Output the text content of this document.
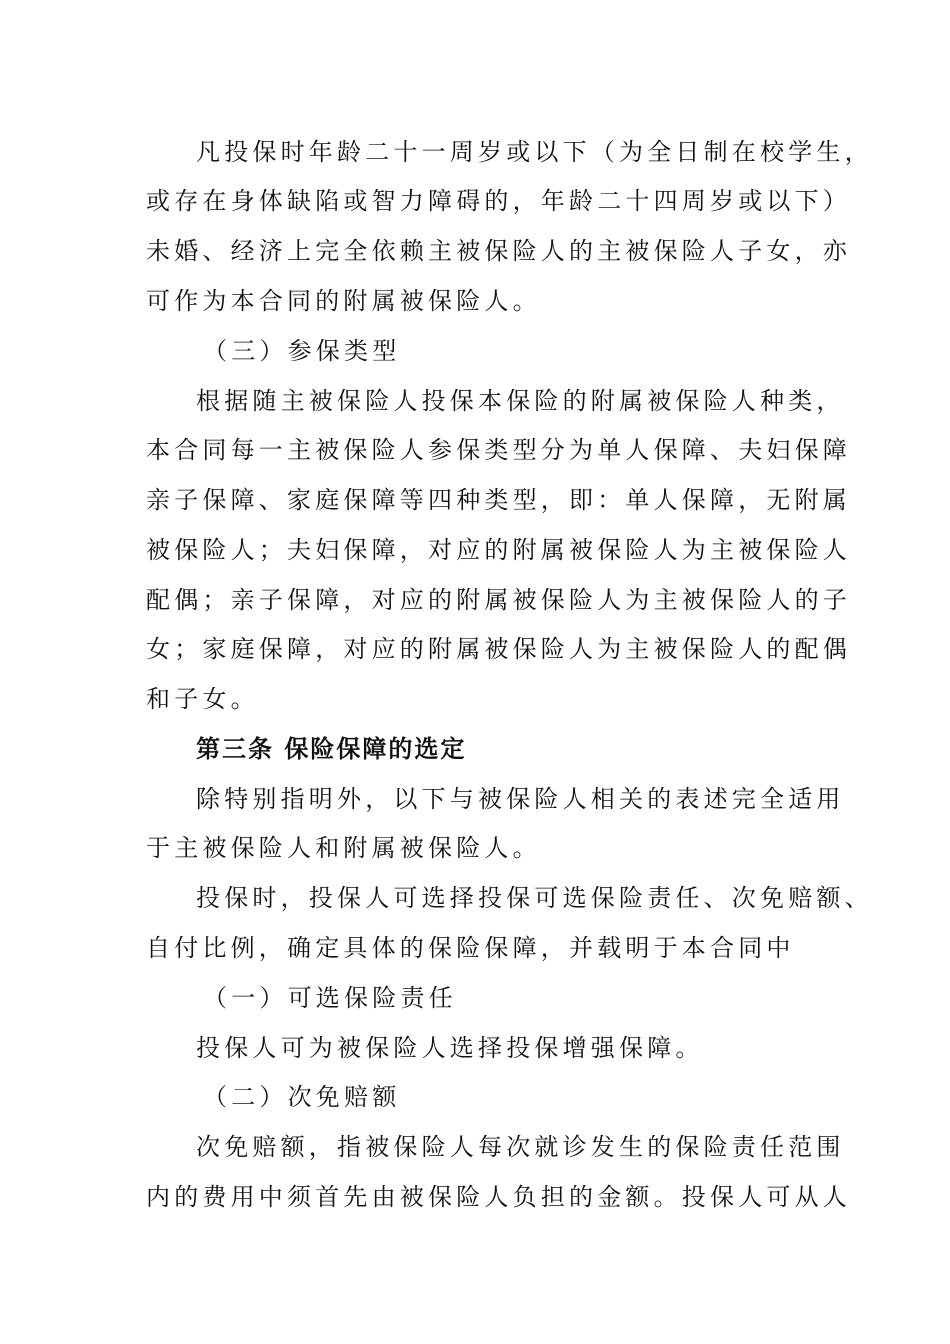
凡投保时年龄二十一周岁或以下（为全日制在校学生，
或存在身体缺陷或智力障碍的，年龄二十四周岁或以下）
未婚、经济上完全依赖主被保险人的主被保险人子女，亦
可作为本合同的附属被保险人。
（三）参保类型
根据随主被保险人投保本保险的附属被保险人种类，
本合同每一主被保险人参保类型分为单人保障、夫妇保障
亲子保障、家庭保障等四种类型，即：单人保障，无附属
被保险人；夫妇保障，对应的附属被保险人为主被保险人
配偶；亲子保障，对应的附属被保险人为主被保险人的子
女；家庭保障，对应的附属被保险人为主被保险人的配偶
和子女。
第三条 保险保障的选定
除特别指明外，以下与被保险人相关的表述完全适用
于主被保险人和附属被保险人。
投保时，投保人可选择投保可选保险责任、次免赔额、
自付比例，确定具体的保险保障，并载明于本合同中
（一）可选保险责任
投保人可为被保险人选择投保增强保障。
（二）次免赔额
次免赔额，指被保险人每次就诊发生的保险责任范围
内的费用中须首先由被保险人负担的金额。投保人可从人
